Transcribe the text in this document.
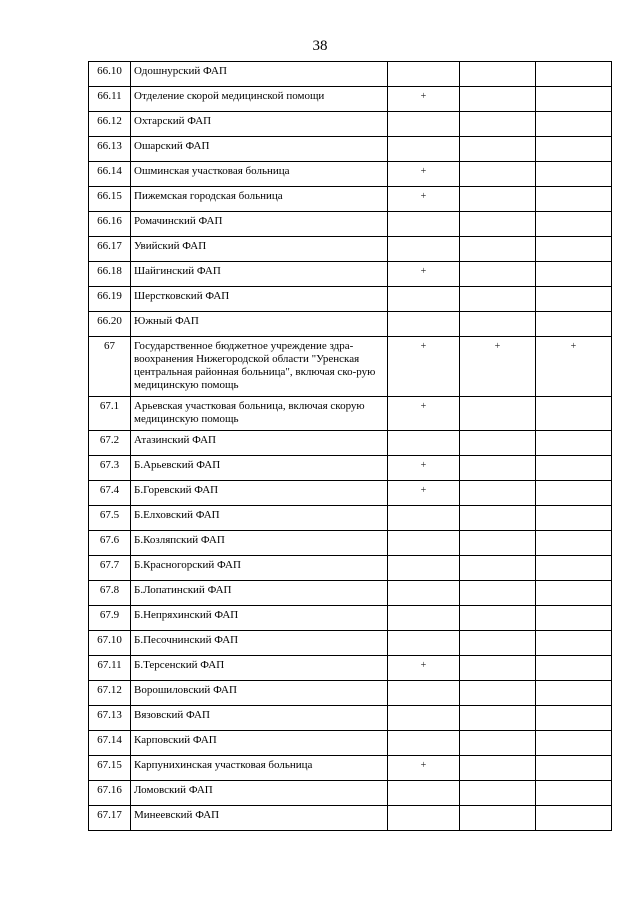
38
66.10	Одошнурский ФАП			
66.11	Отделение скорой медицинской помощи	+		
66.12	Охтарский ФАП			
66.13	Ошарский ФАП			
66.14	Ошминская участковая больница	+		
66.15	Пижемская городская больница	+		
66.16	Ромачинский ФАП			
66.17	Увийский ФАП			
66.18	Шайгинский ФАП	+		
66.19	Шерстковский ФАП			
66.20	Южный ФАП			
67	Государственное бюджетное учреждение здра-воохранения Нижегородской области "Уренская центральная районная больница", включая ско-рую медицинскую помощь	+	+	+
67.1	Арьевская участковая больница, включая скорую медицинскую помощь	+		
67.2	Атазинский ФАП			
67.3	Б.Арьевский ФАП	+		
67.4	Б.Горевский ФАП	+		
67.5	Б.Елховский ФАП			
67.6	Б.Козляпский ФАП			
67.7	Б.Красногорский ФАП			
67.8	Б.Лопатинский ФАП			
67.9	Б.Непряхинский ФАП			
67.10	Б.Песочнинский ФАП			
67.11	Б.Терсенский ФАП	+		
67.12	Ворошиловский ФАП			
67.13	Вязовский ФАП			
67.14	Карповский ФАП			
67.15	Карпунихинская участковая больница	+		
67.16	Ломовский ФАП			
67.17	Минеевский ФАП			
